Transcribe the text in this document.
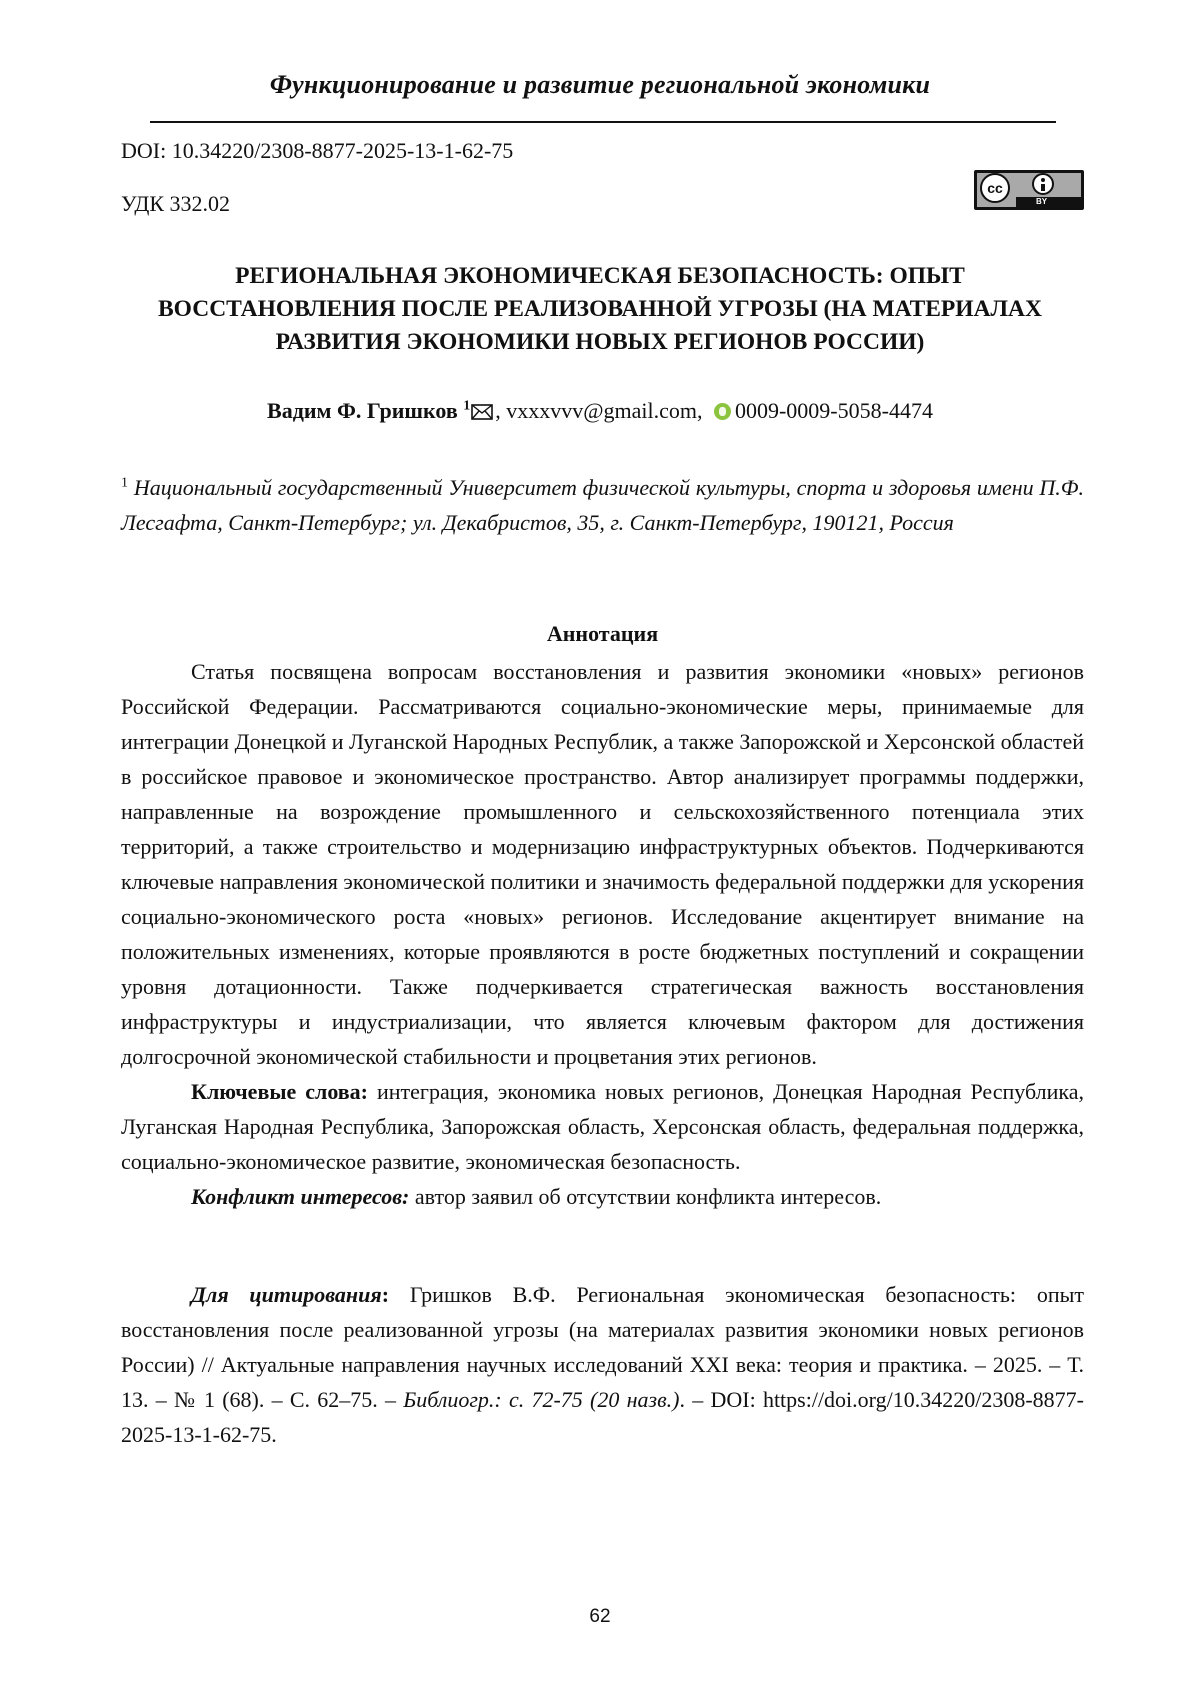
Функционирование и развитие региональной экономики
DOI: 10.34220/2308-8877-2025-13-1-62-75
УДК 332.02
cc
BY
РЕГИОНАЛЬНАЯ ЭКОНОМИЧЕСКАЯ БЕЗОПАСНОСТЬ: ОПЫТ ВОССТАНОВЛЕНИЯ ПОСЛЕ РЕАЛИЗОВАННОЙ УГРОЗЫ (НА МАТЕРИАЛАХ РАЗВИТИЯ ЭКОНОМИКИ НОВЫХ РЕГИОНОВ РОССИИ)
Вадим Ф. Гришков 1 , vxxxvvv@gmail.com, 0009-0009-5058-4474
1 Национальный государственный Университет физической культуры, спорта и здоровья имени П.Ф. Лесгафта, Санкт-Петербург; ул. Декабристов, 35, г. Санкт-Петербург, 190121, Россия
Аннотация

Статья посвящена вопросам восстановления и развития экономики «новых» регионов Российской Федерации. Рассматриваются социально-экономические меры, принимаемые для интеграции Донецкой и Луганской Народных Республик, а также Запорожской и Херсонской областей в российское правовое и экономическое пространство. Автор анализирует программы поддержки, направленные на возрождение промышленного и сельскохозяйственного потенциала этих территорий, а также строительство и модернизацию инфраструктурных объектов. Подчеркиваются ключевые направления экономической политики и значимость федеральной поддержки для ускорения социально-экономического роста «новых» регионов. Исследование акцентирует внимание на положительных изменениях, которые проявляются в росте бюджетных поступлений и сокращении уровня дотационности. Также подчеркивается стратегическая важность восстановления инфраструктуры и индустриализации, что является ключевым фактором для достижения долгосрочной экономической стабильности и процветания этих регионов.

Ключевые слова: интеграция, экономика новых регионов, Донецкая Народная Республика, Луганская Народная Республика, Запорожская область, Херсонская область, федеральная поддержка, социально-экономическое развитие, экономическая безопасность.

Конфликт интересов: автор заявил об отсутствии конфликта интересов.

Для цитирования: Гришков В.Ф. Региональная экономическая безопасность: опыт восстановления после реализованной угрозы (на материалах развития экономики новых регионов России) // Актуальные направления научных исследований XXI века: теория и практика. – 2025. – Т. 13. – № 1 (68). – С. 62–75. – Библиогр.: с. 72-75 (20 назв.). – DOI: https://doi.org/10.34220/2308-8877-2025-13-1-62-75.

62
